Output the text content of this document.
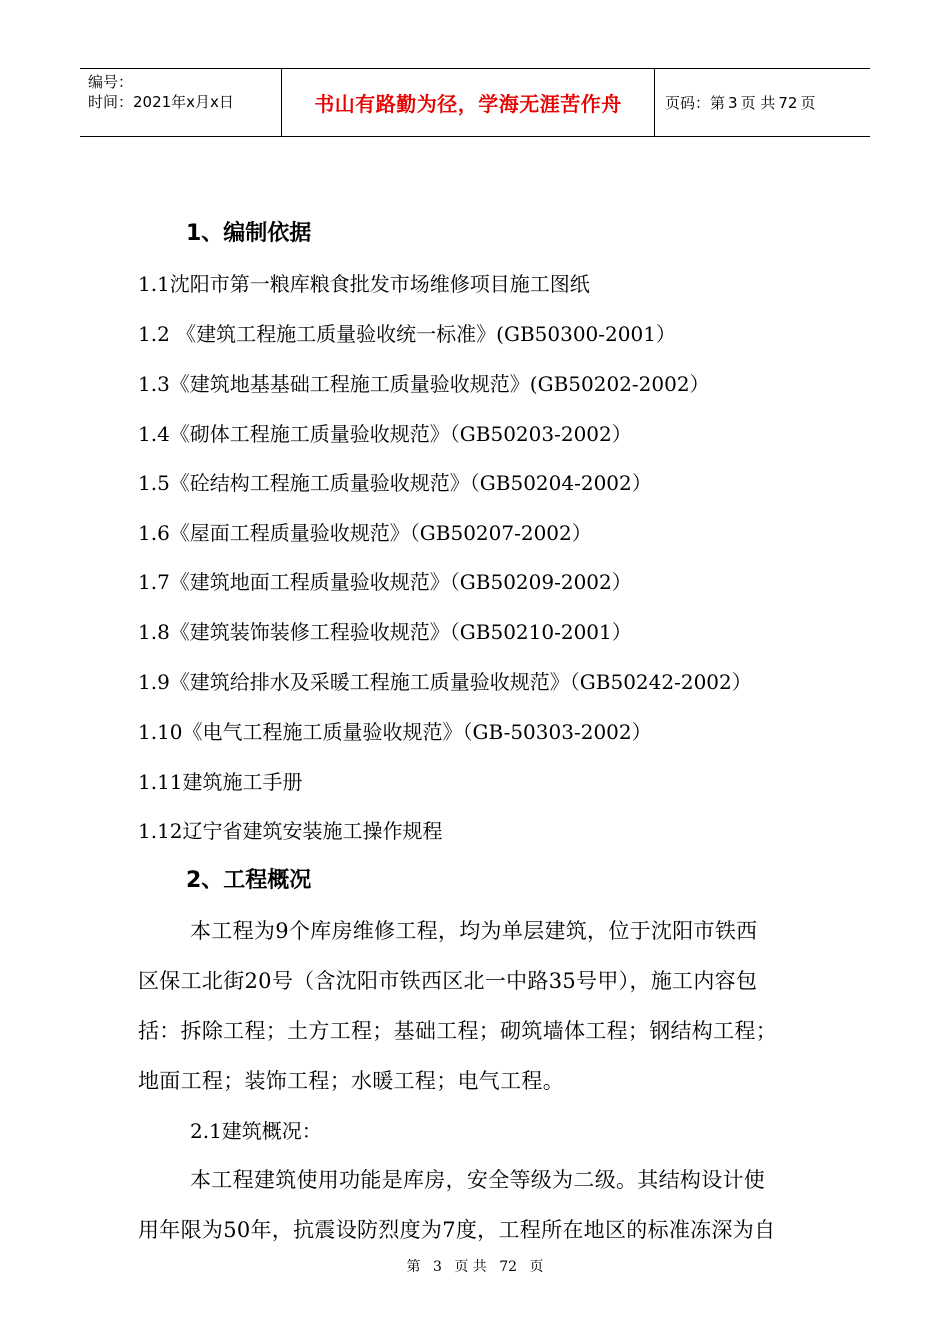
编号：
时间：2021年x月x日	书山有路勤为径，学海无涯苦作舟	页码：第 3 页 共 72 页
1、编制依据
1.1沈阳市第一粮库粮食批发市场维修项目施工图纸
1.2 《建筑工程施工质量验收统一标准》(GB50300-2001）
1.3《建筑地基基础工程施工质量验收规范》(GB50202-2002）
1.4《砌体工程施工质量验收规范》（GB50203-2002）
1.5《砼结构工程施工质量验收规范》（GB50204-2002）
1.6《屋面工程质量验收规范》（GB50207-2002）
1.7《建筑地面工程质量验收规范》（GB50209-2002）
1.8《建筑装饰装修工程验收规范》（GB50210-2001）
1.9《建筑给排水及采暖工程施工质量验收规范》（GB50242-2002）
1.10《电气工程施工质量验收规范》（GB-50303-2002）
1.11建筑施工手册
1.12辽宁省建筑安装施工操作规程
2、工程概况
本工程为9个库房维修工程，均为单层建筑，位于沈阳市铁西
区保工北街20号（含沈阳市铁西区北一中路35号甲），施工内容包
括：拆除工程；土方工程；基础工程；砌筑墙体工程；钢结构工程；
地面工程；装饰工程；水暖工程；电气工程。
2.1建筑概况：
本工程建筑使用功能是库房，安全等级为二级。其结构设计使
用年限为50年，抗震设防烈度为7度，工程所在地区的标准冻深为自
第 3 页 共 72 页
